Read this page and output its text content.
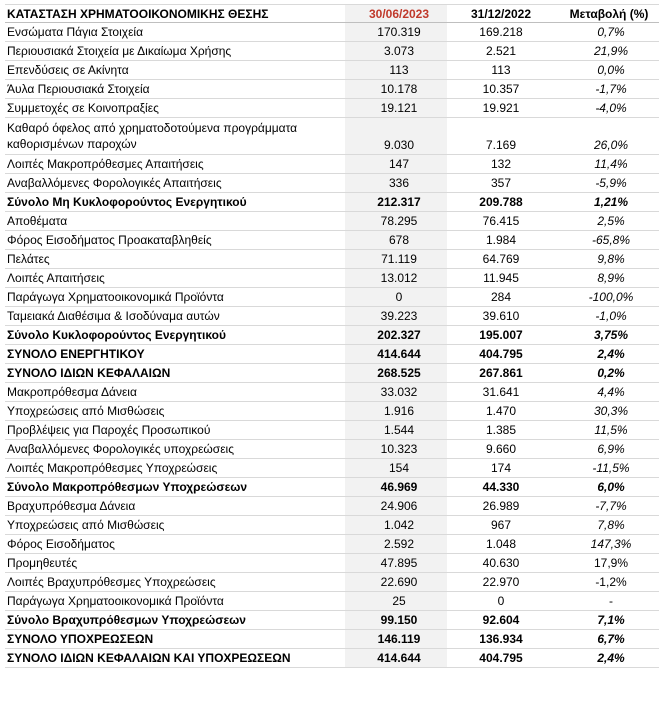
ΚΑΤΑΣΤΑΣΗ ΧΡΗΜΑΤΟΟΙΚΟΝΟΜΙΚΗΣ ΘΕΣΗΣ	30/06/2023	31/12/2022	Μεταβολή (%)
Ενσώματα Πάγια Στοιχεία	170.319	169.218	0,7%
Περιουσιακά Στοιχεία με Δικαίωμα Χρήσης	3.073	2.521	21,9%
Επενδύσεις σε Ακίνητα	113	113	0,0%
Άυλα Περιουσιακά Στοιχεία	10.178	10.357	-1,7%
Συμμετοχές σε Κοινοπραξίες	19.121	19.921	-4,0%
Καθαρό όφελος από χρηματοδοτούμενα προγράμματα καθορισμένων παροχών	9.030	7.169	26,0%
Λοιπές Μακροπρόθεσμες Απαιτήσεις	147	132	11,4%
Αναβαλλόμενες Φορολογικές Απαιτήσεις	336	357	-5,9%
Σύνολο Μη Κυκλοφορούντος Ενεργητικού	212.317	209.788	1,21%
Αποθέματα	78.295	76.415	2,5%
Φόρος Εισοδήματος Προακαταβληθείς	678	1.984	-65,8%
Πελάτες	71.119	64.769	9,8%
Λοιπές Απαιτήσεις	13.012	11.945	8,9%
Παράγωγα Χρηματοοικονομικά Προϊόντα	0	284	-100,0%
Ταμειακά Διαθέσιμα & Ισοδύναμα αυτών	39.223	39.610	-1,0%
Σύνολο Κυκλοφορούντος Ενεργητικού	202.327	195.007	3,75%
ΣΥΝΟΛΟ ΕΝΕΡΓΗΤΙΚΟΥ	414.644	404.795	2,4%
ΣΥΝΟΛΟ ΙΔΙΩΝ ΚΕΦΑΛΑΙΩΝ	268.525	267.861	0,2%
Μακροπρόθεσμα Δάνεια	33.032	31.641	4,4%
Υποχρεώσεις από Μισθώσεις	1.916	1.470	30,3%
Προβλέψεις για Παροχές Προσωπικού	1.544	1.385	11,5%
Αναβαλλόμενες Φορολογικές υποχρεώσεις	10.323	9.660	6,9%
Λοιπές Μακροπρόθεσμες Υποχρεώσεις	154	174	-11,5%
Σύνολο Μακροπρόθεσμων Υποχρεώσεων	46.969	44.330	6,0%
Βραχυπρόθεσμα Δάνεια	24.906	26.989	-7,7%
Υποχρεώσεις από Μισθώσεις	1.042	967	7,8%
Φόρος Εισοδήματος	2.592	1.048	147,3%
Προμηθευτές	47.895	40.630	17,9%
Λοιπές Βραχυπρόθεσμες Υποχρεώσεις	22.690	22.970	-1,2%
Παράγωγα Χρηματοοικονομικά Προϊόντα	25	0	-
Σύνολο Βραχυπρόθεσμων Υποχρεώσεων	99.150	92.604	7,1%
ΣΥΝΟΛΟ ΥΠΟΧΡΕΩΣΕΩΝ	146.119	136.934	6,7%
ΣΥΝΟΛΟ ΙΔΙΩΝ ΚΕΦΑΛΑΙΩΝ ΚΑΙ ΥΠΟΧΡΕΩΣΕΩΝ	414.644	404.795	2,4%
